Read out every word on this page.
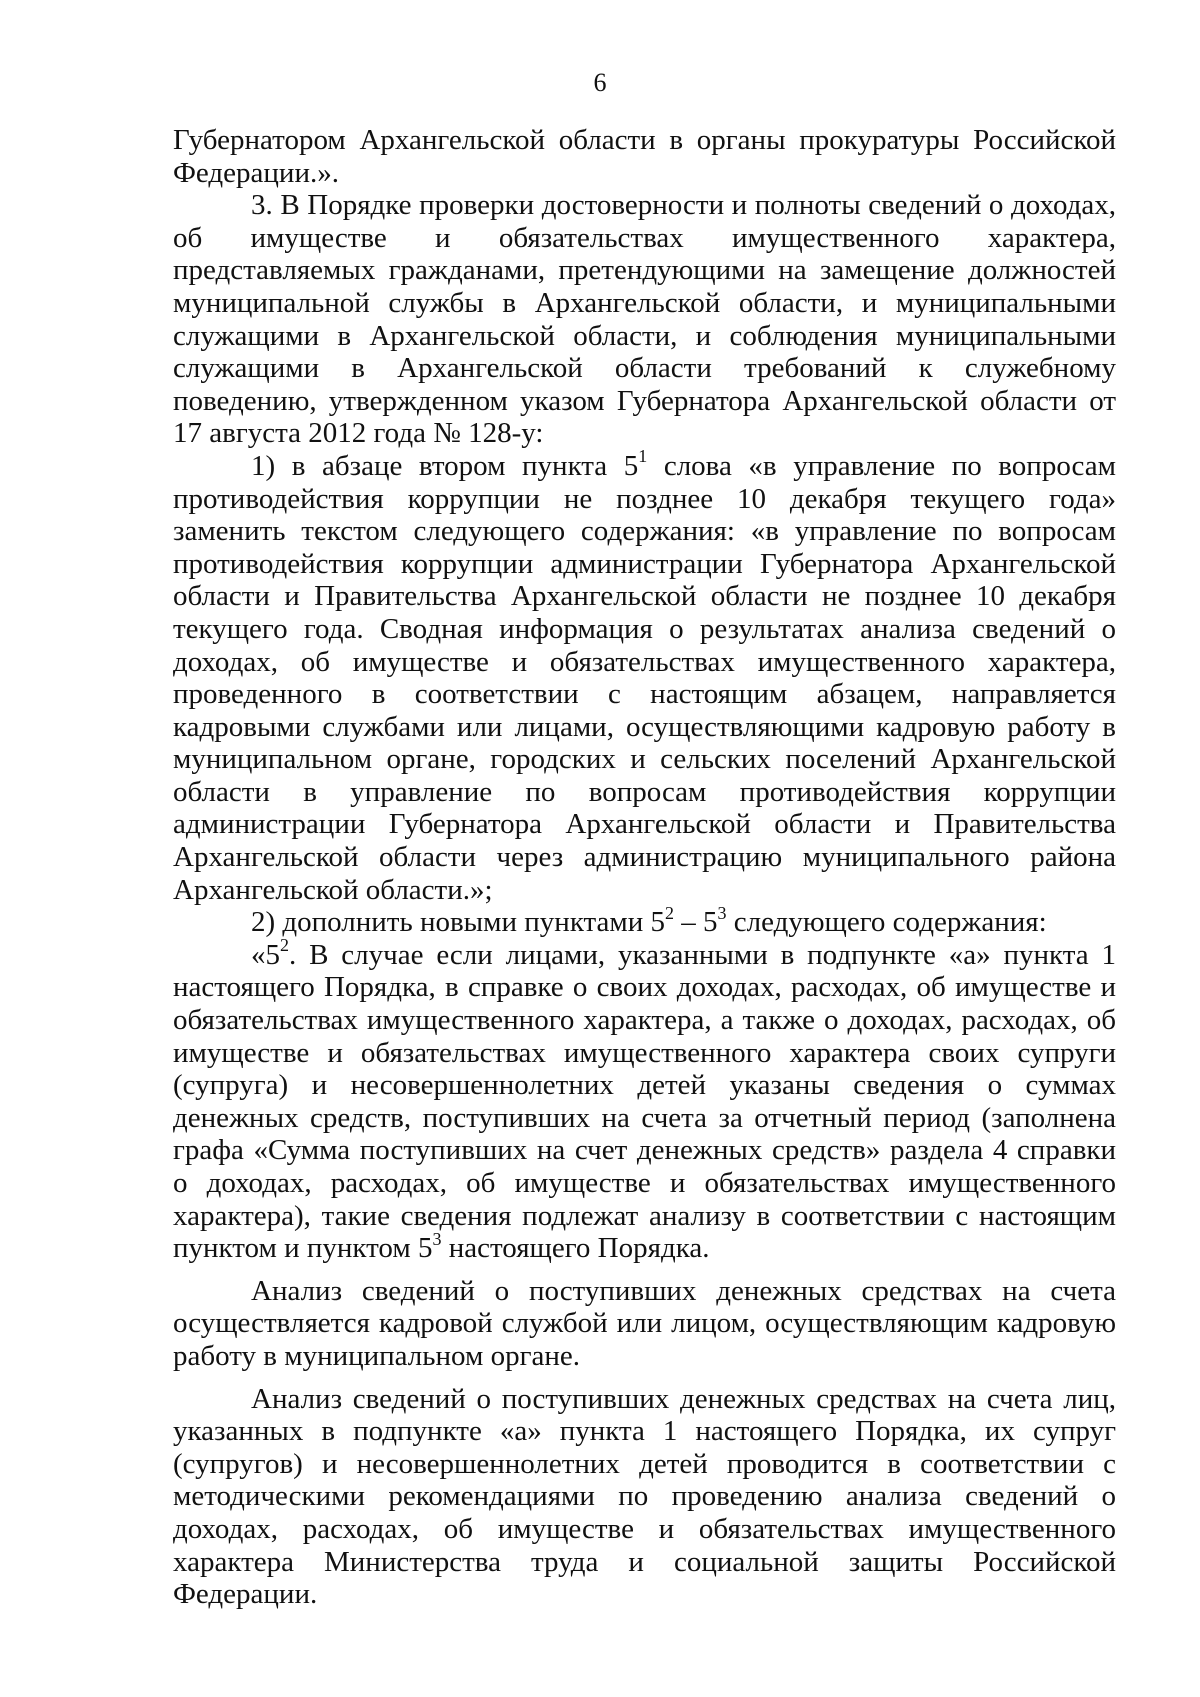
6

Губернатором Архангельской области в органы прокуратуры Российской Федерации.».

3. В Порядке проверки достоверности и полноты сведений о доходах, об имуществе и обязательствах имущественного характера, представляемых гражданами, претендующими на замещение должностей муниципальной службы в Архангельской области, и муниципальными служащими в Архангельской области, и соблюдения муниципальными служащими в Архангельской области требований к служебному поведению, утвержденном указом Губернатора Архангельской области от 17 августа 2012 года № 128-у:

1) в абзаце втором пункта $5^1$ слова «в управление по вопросам противодействия коррупции не позднее 10 декабря текущего года» заменить текстом следующего содержания: «в управление по вопросам противодействия коррупции администрации Губернатора Архангельской области и Правительства Архангельской области не позднее 10 декабря текущего года. Сводная информация о результатах анализа сведений о доходах, об имуществе и обязательствах имущественного характера, проведенного в соответствии с настоящим абзацем, направляется кадровыми службами или лицами, осуществляющими кадровую работу в муниципальном органе, городских и сельских поселений Архангельской области в управление по вопросам противодействия коррупции администрации Губернатора Архангельской области и Правительства Архангельской области через администрацию муниципального района Архангельской области.»;

2) дополнить новыми пунктами $5^2 - 5^3$ следующего содержания:

«$5^2$. В случае если лицами, указанными в подпункте «а» пункта 1 настоящего Порядка, в справке о своих доходах, расходах, об имуществе и обязательствах имущественного характера, а также о доходах, расходах, об имуществе и обязательствах имущественного характера своих супруги (супруга) и несовершеннолетних детей указаны сведения о суммах денежных средств, поступивших на счета за отчетный период (заполнена графа «Сумма поступивших на счет денежных средств» раздела 4 справки о доходах, расходах, об имуществе и обязательствах имущественного характера), такие сведения подлежат анализу в соответствии с настоящим пунктом и пунктом $5^3$ настоящего Порядка.

Анализ сведений о поступивших денежных средствах на счета осуществляется кадровой службой или лицом, осуществляющим кадровую работу в муниципальном органе.

Анализ сведений о поступивших денежных средствах на счета лиц, указанных в подпункте «а» пункта 1 настоящего Порядка, их супруг (супругов) и несовершеннолетних детей проводится в соответствии с методическими рекомендациями по проведению анализа сведений о доходах, расходах, об имуществе и обязательствах имущественного характера Министерства труда и социальной защиты Российской Федерации.
